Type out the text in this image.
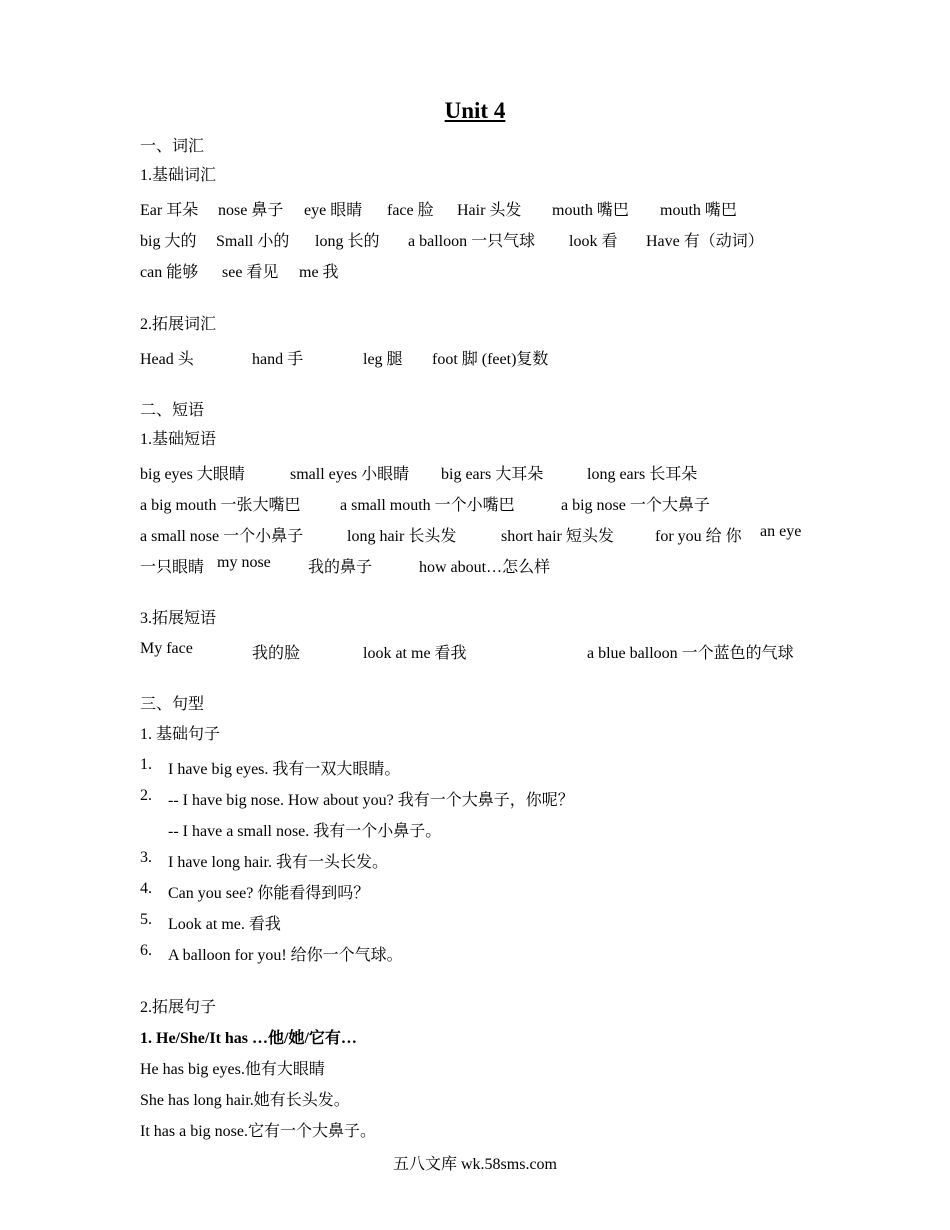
Unit 4
一、词汇
1.基础词汇
Ear 耳朵 nose 鼻子 eye 眼睛 face 脸 Hair 头发 mouth 嘴巴 mouth 嘴巴
big 大的 Small 小的 long 长的 a balloon 一只气球 look 看 Have 有（动词）
can 能够 see 看见 me 我
2.拓展词汇
Head 头	hand 手	leg 腿 foot 脚 (feet)复数
二、短语
1.基础短语
big eyes 大眼睛	small eyes 小眼睛 big ears 大耳朵	long ears 长耳朵
a big mouth 一张大嘴巴 a small mouth 一个小嘴巴	a big nose 一个大鼻子
a small nose 一个小鼻子	long hair 长头发	short hair 短头发	for you 给 你 an eye
一只眼睛 my nose 我的鼻子	how about…怎么样
3.拓展短语
My face	我的脸	look at me 看我	a blue balloon 一个蓝色的气球
三、句型
1. 基础句子
1. I have big eyes. 我有一双大眼睛。
2. -- I have big nose. How about you? 我有一个大鼻子，你呢？
-- I have a small nose. 我有一个小鼻子。
3. I have long hair. 我有一头长发。
4. Can you see? 你能看得到吗？
5. Look at me. 看我
6. A balloon for you! 给你一个气球。
2.拓展句子
1. He/She/It has …他/她/它有…
He has big eyes.他有大眼睛
She has long hair.她有长头发。
It has a big nose.它有一个大鼻子。
五八文库 wk.58sms.com
